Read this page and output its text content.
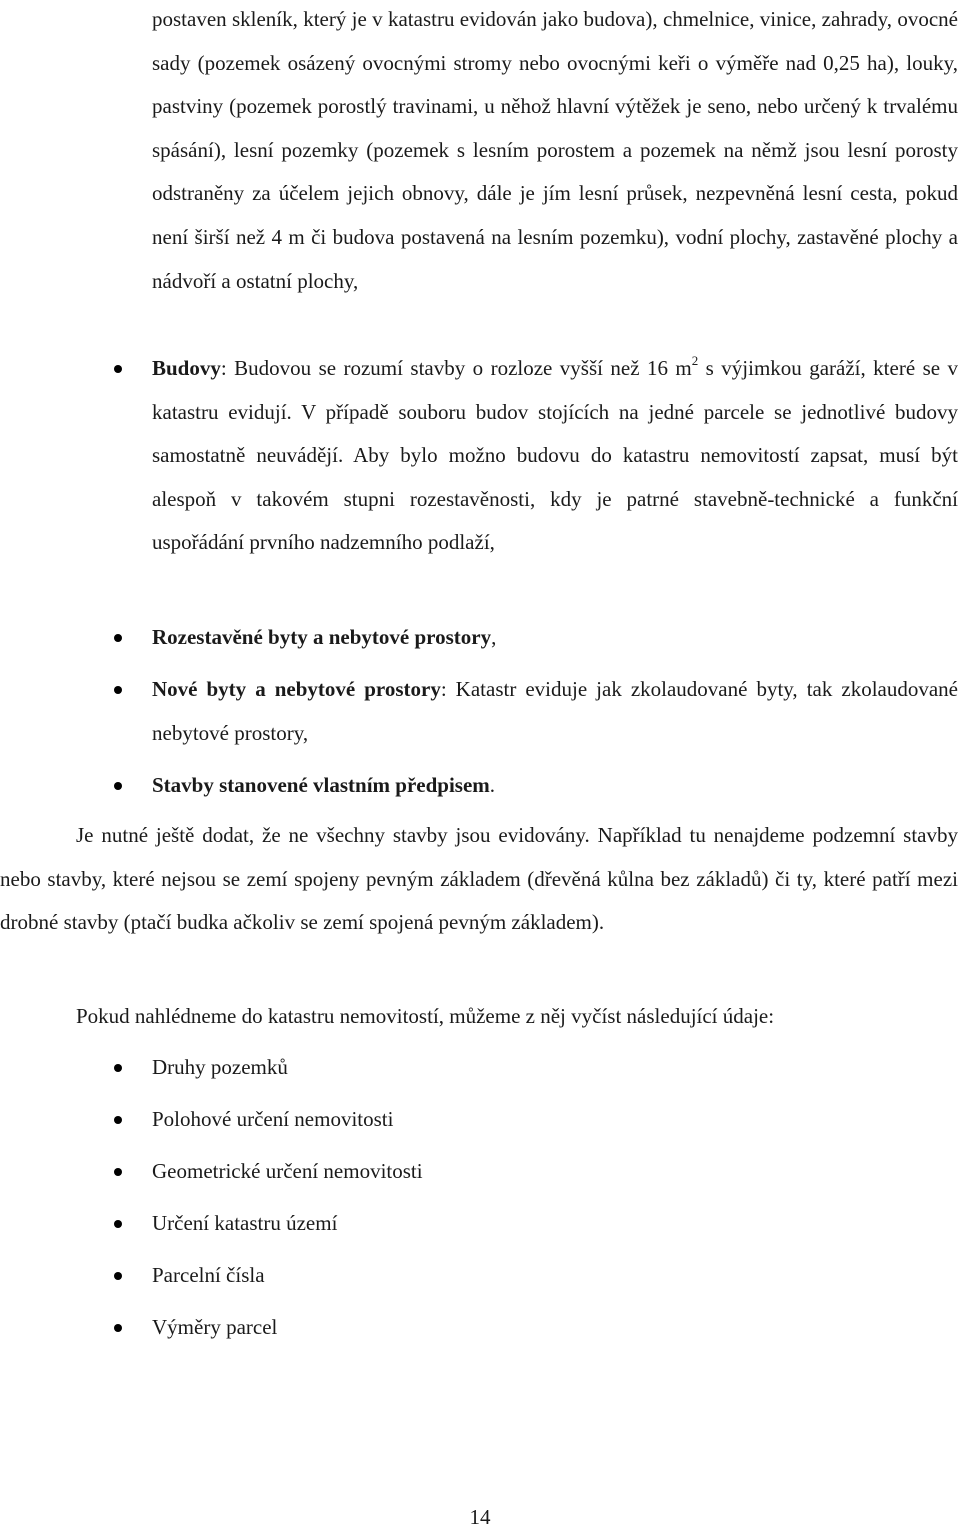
postaven skleník, který je v katastru evidován jako budova), chmelnice, vinice, zahrady, ovocné sady (pozemek osázený ovocnými stromy nebo ovocnými keři o výměře nad 0,25 ha), louky, pastviny (pozemek porostlý travinami, u něhož hlavní výtěžek je seno, nebo určený k trvalému spásání), lesní pozemky (pozemek s lesním porostem a pozemek na němž jsou lesní porosty odstraněny za účelem jejich obnovy, dále je jím lesní průsek, nezpevněná lesní cesta, pokud není širší než 4 m či budova postavená na lesním pozemku), vodní plochy, zastavěné plochy a nádvoří a ostatní plochy,
Budovy: Budovou se rozumí stavby o rozloze vyšší než 16 $m^2$ s výjimkou garáží, které se v katastru evidují. V případě souboru budov stojících na jedné parcele se jednotlivé budovy samostatně neuvádějí. Aby bylo možno budovu do katastru nemovitostí zapsat, musí být alespoň v takovém stupni rozestavěnosti, kdy je patrné stavebně-technické a funkční uspořádání prvního nadzemního podlaží,
Rozestavěné byty a nebytové prostory,
Nové byty a nebytové prostory: Katastr eviduje jak zkolaudované byty, tak zkolaudované nebytové prostory,
Stavby stanovené vlastním předpisem.
Je nutné ještě dodat, že ne všechny stavby jsou evidovány. Například tu nenajdeme podzemní stavby nebo stavby, které nejsou se zemí spojeny pevným základem (dřevěná kůlna bez základů) či ty, které patří mezi drobné stavby (ptačí budka ačkoliv se zemí spojená pevným základem).
Pokud nahlédneme do katastru nemovitostí, můžeme z něj vyčíst následující údaje:
Druhy pozemků
Polohové určení nemovitosti
Geometrické určení nemovitosti
Určení katastru území
Parcelní čísla
Výměry parcel
14
